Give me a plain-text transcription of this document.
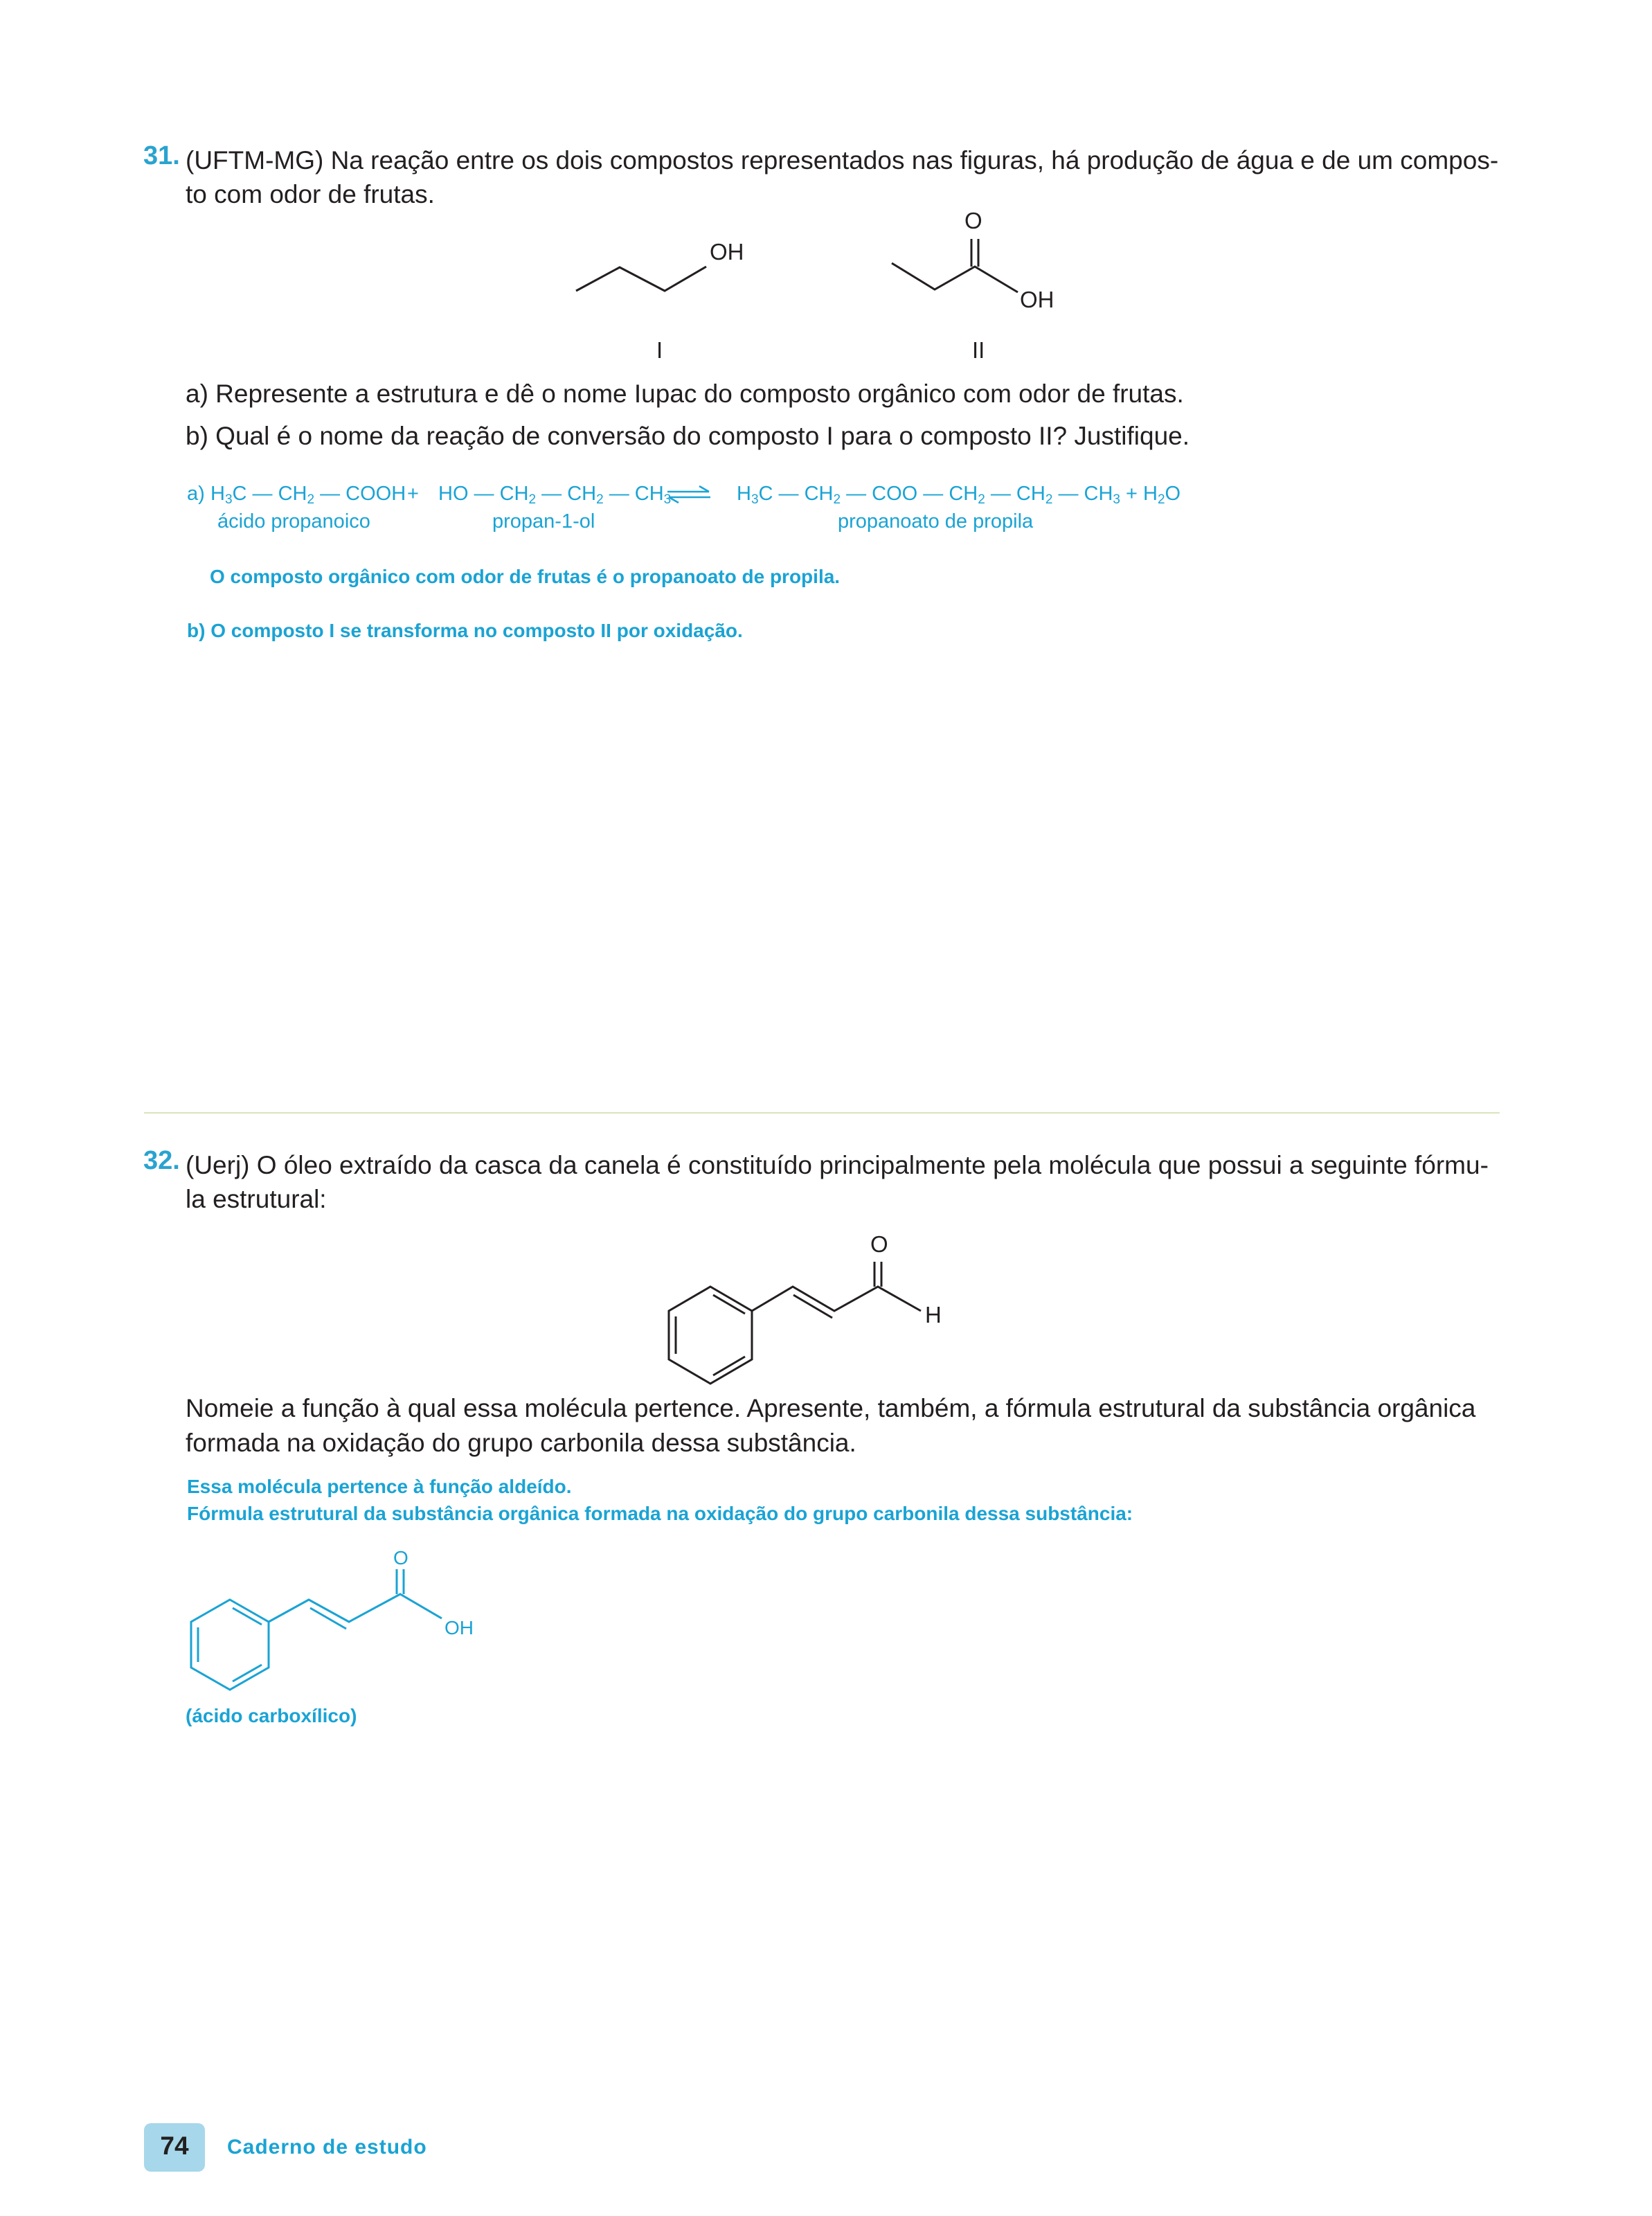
31. (UFTM-MG) Na reação entre os dois compostos representados nas figuras, há produção de água e de um compos-
to com odor de frutas.
OH
I
O
OH
II
a) Represente a estrutura e dê o nome Iupac do composto orgânico com odor de frutas.
b) Qual é o nome da reação de conversão do composto I para o composto II? Justifique.
a) $H_3C$ — $CH_2$ — COOH + HO — $CH_2$ — $CH_2$ — $CH_3$	$H_3C$ — $CH_2$ — COO — $CH_2$ — $CH_2$ — $CH_3 + H_2O$
ácido propanoico	propan-1-ol	propanoato de propila
O composto orgânico com odor de frutas é o propanoato de propila.
b) O composto I se transforma no composto II por oxidação.
32. (Uerj) O óleo extraído da casca da canela é constituído principalmente pela molécula que possui a seguinte fórmu-
la estrutural:
O
H
Nomeie a função à qual essa molécula pertence. Apresente, também, a fórmula estrutural da substância orgânica
formada na oxidação do grupo carbonila dessa substância.
Essa molécula pertence à função aldeído.
Fórmula estrutural da substância orgânica formada na oxidação do grupo carbonila dessa substância:
O
OH
(ácido carboxílico)
74	Caderno de estudo
